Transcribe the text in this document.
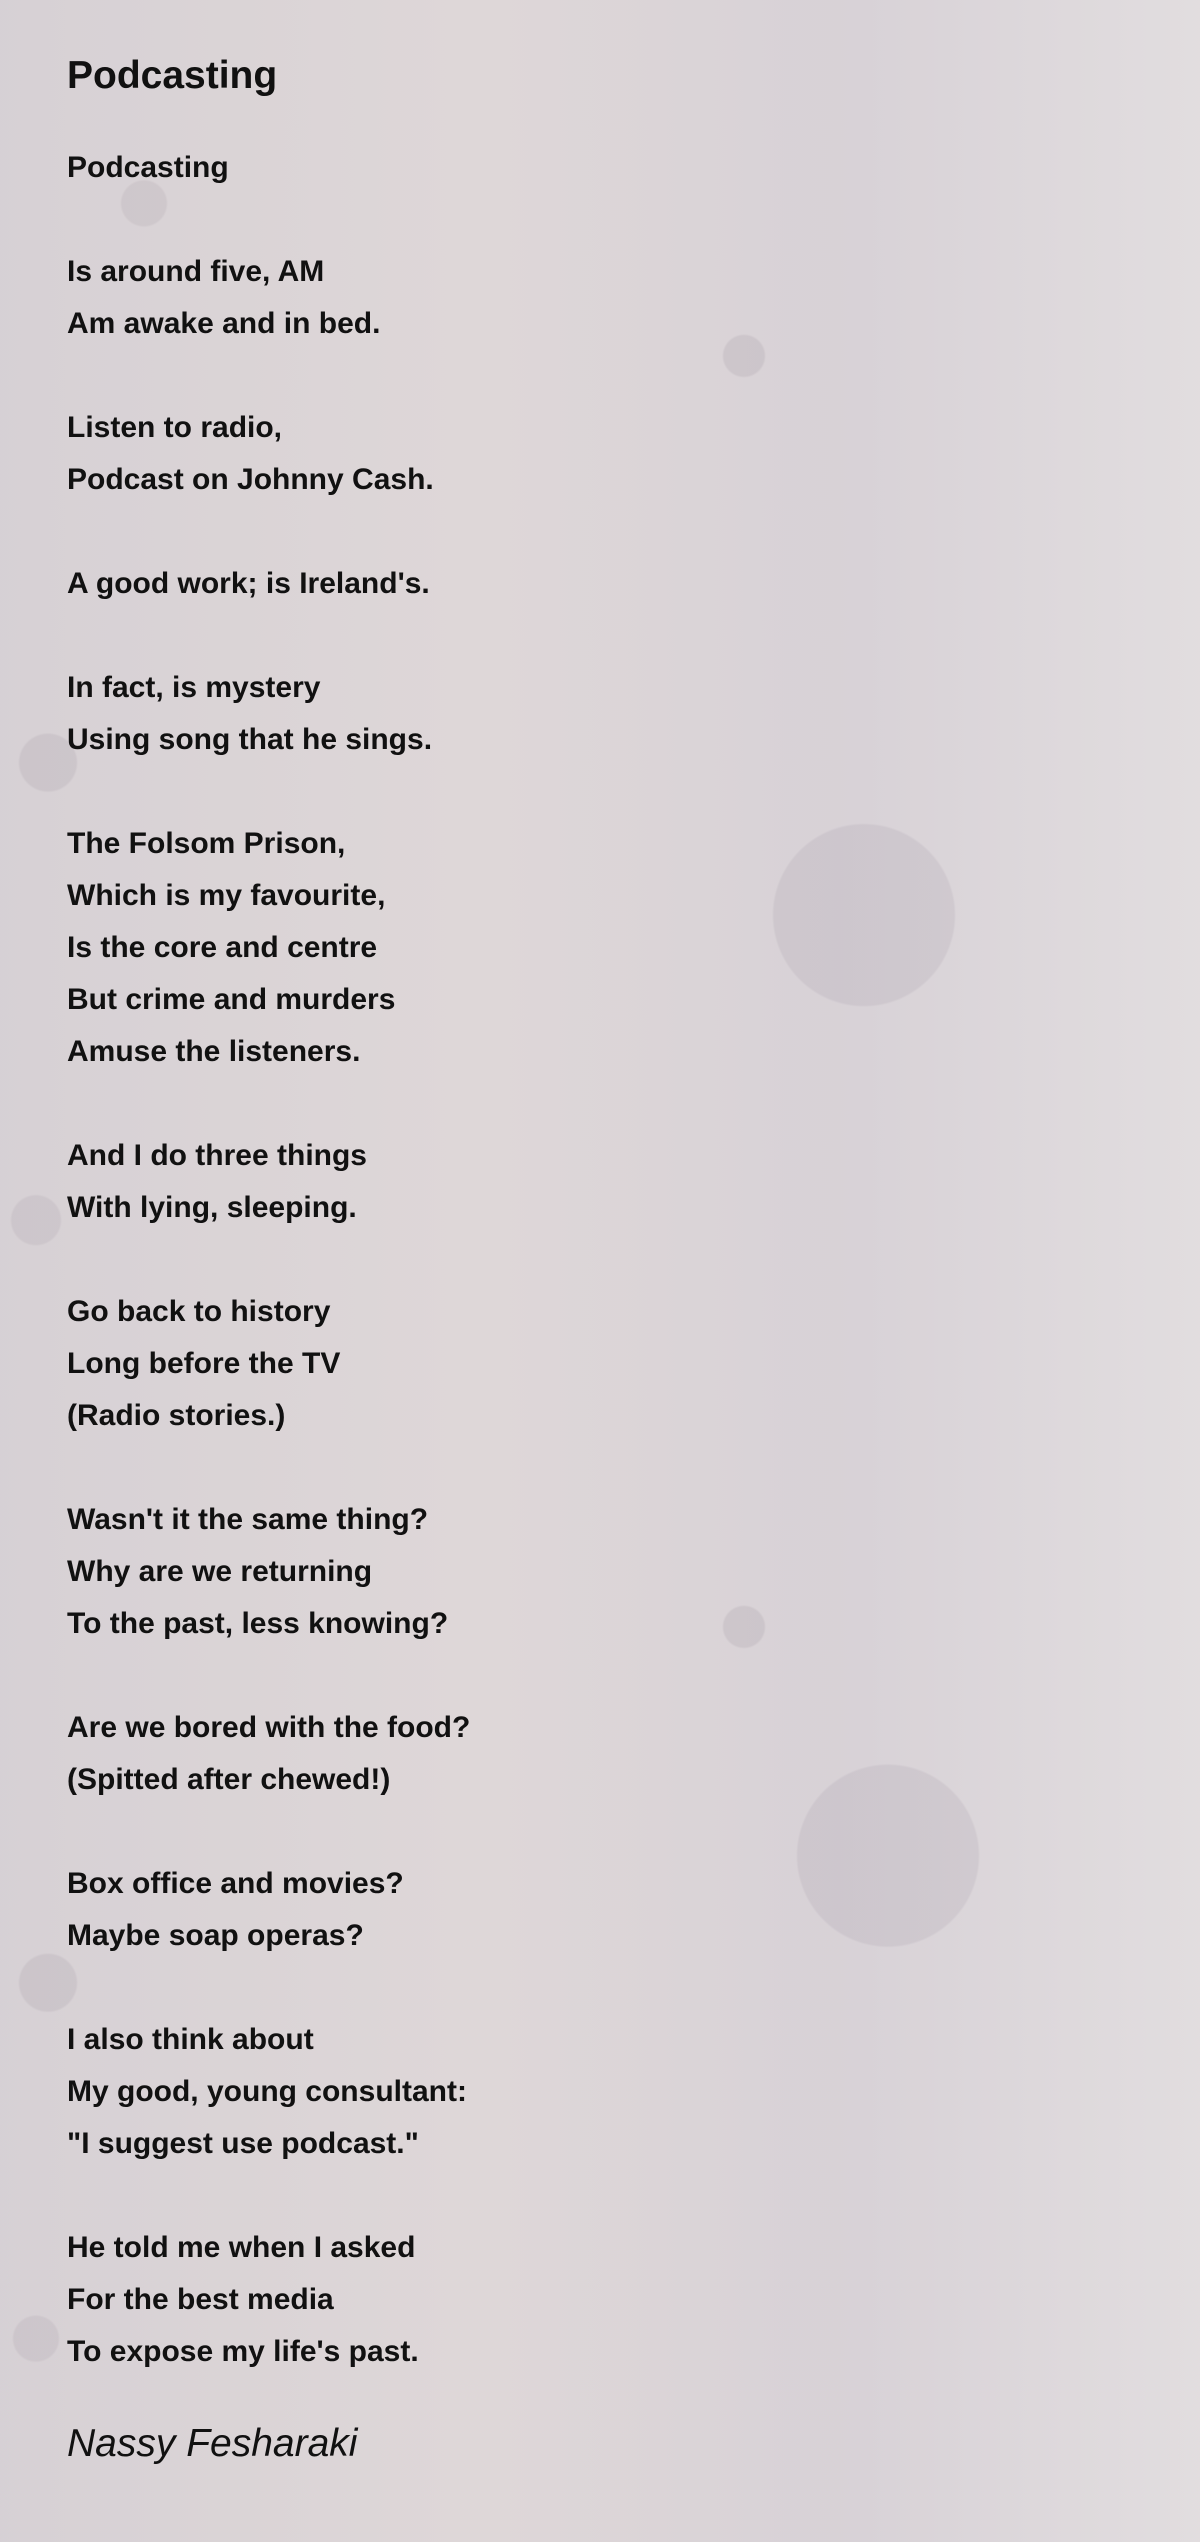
Podcasting
Podcasting

Is around five, AM
Am awake and in bed.

Listen to radio,
Podcast on Johnny Cash.

A good work; is Ireland's.

In fact, is mystery
Using song that he sings.

The Folsom Prison,
Which is my favourite,
Is the core and centre
But crime and murders
Amuse the listeners.

And I do three things
With lying, sleeping.

Go back to history
Long before the TV
(Radio stories.)

Wasn't it the same thing?
Why are we returning
To the past, less knowing?

Are we bored with the food?
(Spitted after chewed!)

Box office and movies?
Maybe soap operas?

I also think about
My good, young consultant:
"I suggest use podcast."

He told me when I asked
For the best media
To expose my life's past.
Nassy Fesharaki
